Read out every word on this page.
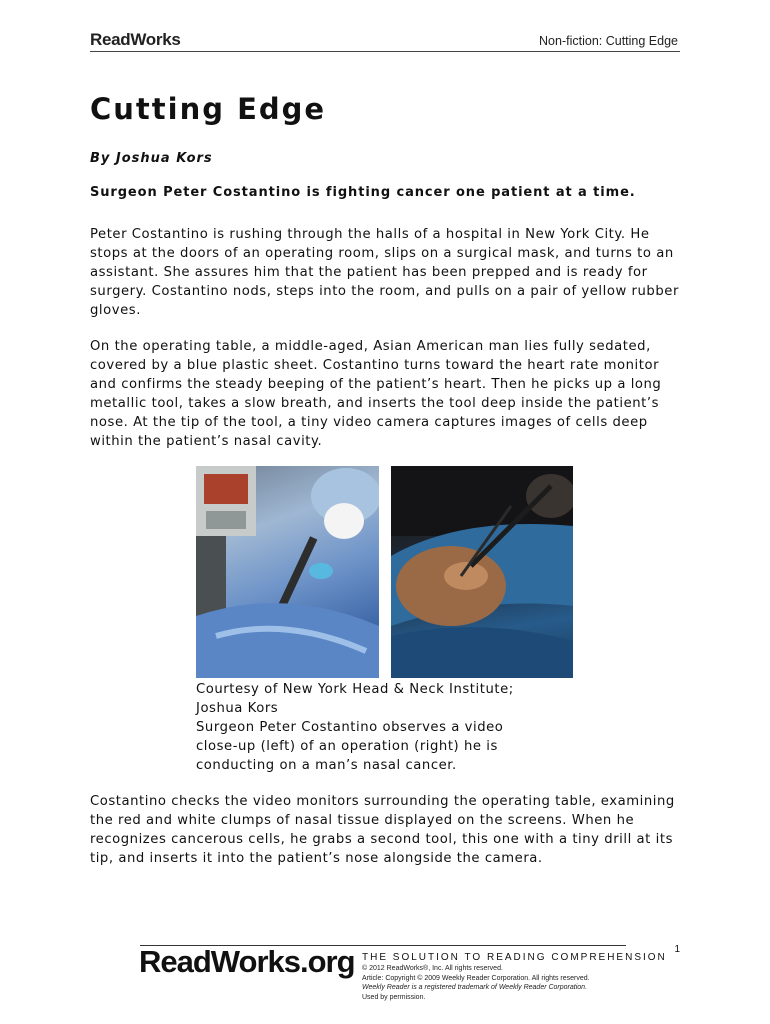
ReadWorks	Non-fiction: Cutting Edge
Cutting Edge

By Joshua Kors

Surgeon Peter Costantino is fighting cancer one patient at a time.

Peter Costantino is rushing through the halls of a hospital in New York City. He stops at the doors of an operating room, slips on a surgical mask, and turns to an assistant. She assures him that the patient has been prepped and is ready for surgery. Costantino nods, steps into the room, and pulls on a pair of yellow rubber gloves.

On the operating table, a middle-aged, Asian American man lies fully sedated, covered by a blue plastic sheet. Costantino turns toward the heart rate monitor and confirms the steady beeping of the patient’s heart. Then he picks up a long metallic tool, takes a slow breath, and inserts the tool deep inside the patient’s nose. At the tip of the tool, a tiny video camera captures images of cells deep within the patient’s nasal cavity.

Courtesy of New York Head & Neck Institute;
Joshua Kors
Surgeon Peter Costantino observes a video
close-up (left) of an operation (right) he is
conducting on a man’s nasal cancer.

Costantino checks the video monitors surrounding the operating table, examining the red and white clumps of nasal tissue displayed on the screens. When he recognizes cancerous cells, he grabs a second tool, this one with a tiny drill at its tip, and inserts it into the patient’s nose alongside the camera.

1
ReadWorks.org THE SOLUTION TO READING COMPREHENSION
© 2012 ReadWorks®, Inc. All rights reserved.
Article: Copyright © 2009 Weekly Reader Corporation. All rights reserved.
Weekly Reader is a registered trademark of Weekly Reader Corporation.
Used by permission.
